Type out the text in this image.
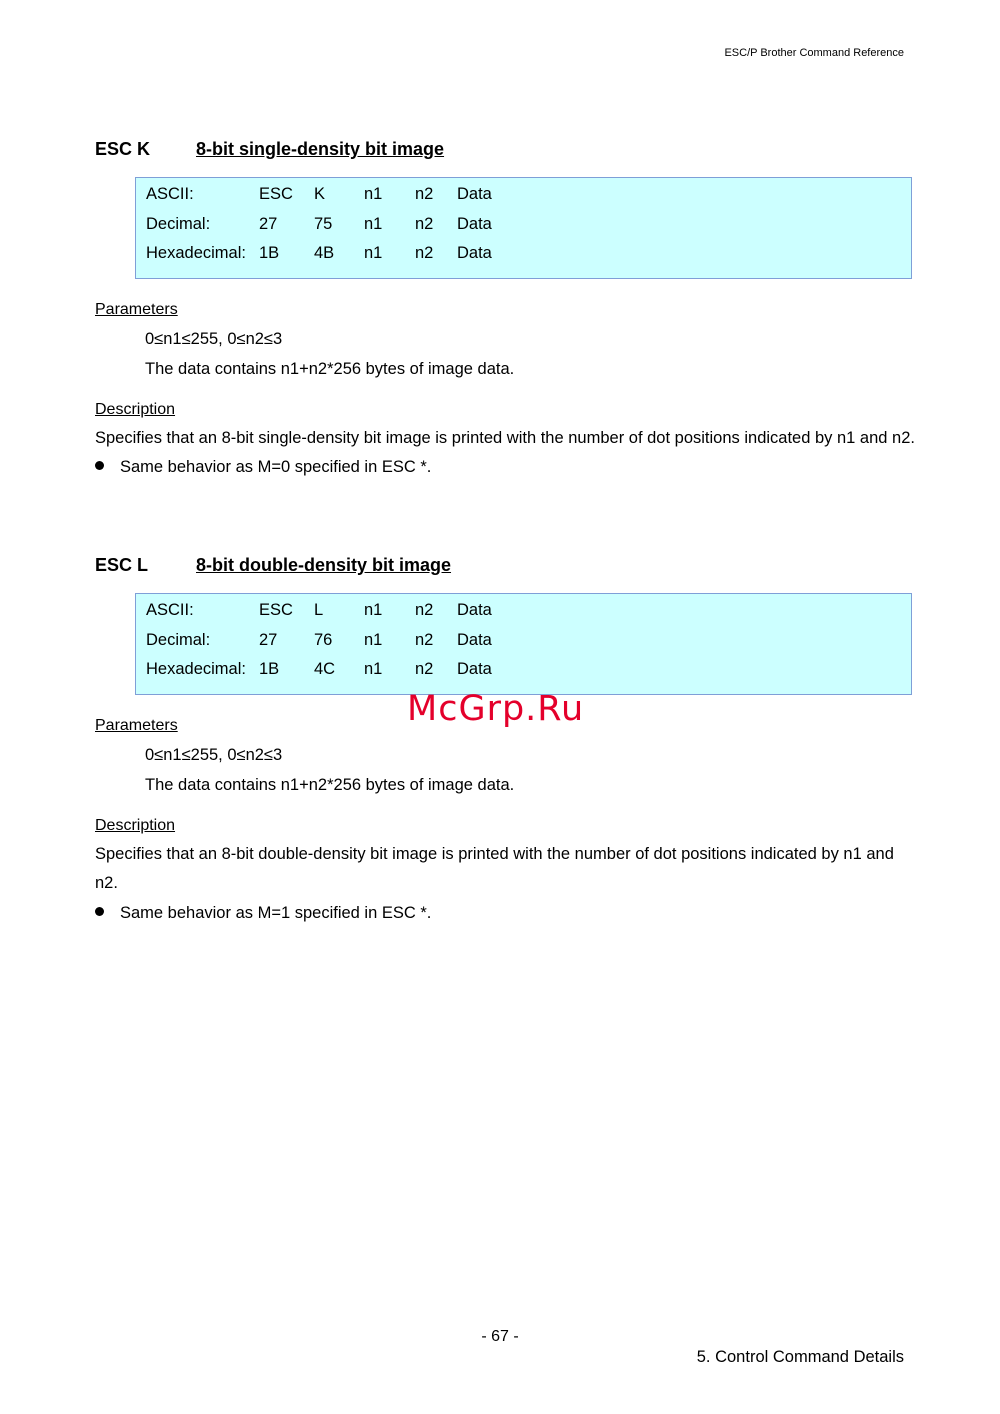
ESC/P Brother Command Reference
ESC K	8-bit single-density bit image
ASCII:	ESC K n1 n2 Data
Decimal:	27 75 n1 n2 Data
Hexadecimal: 1B 4B n1 n2 Data
Parameters
0≤n1≤255, 0≤n2≤3
The data contains n1+n2*256 bytes of image data.
Description
Specifies that an 8-bit single-density bit image is printed with the number of dot positions indicated by n1 and n2.
Same behavior as M=0 specified in ESC *.
ESC L	8-bit double-density bit image
ASCII:	ESC L n1 n2 Data
Decimal:	27 76 n1 n2 Data
Hexadecimal: 1B 4C n1 n2 Data
Parameters
0≤n1≤255, 0≤n2≤3
The data contains n1+n2*256 bytes of image data.
Description
Specifies that an 8-bit double-density bit image is printed with the number of dot positions indicated by n1 and n2.
Same behavior as M=1 specified in ESC *.
McGrp.Ru
- 67 -
5. Control Command Details
